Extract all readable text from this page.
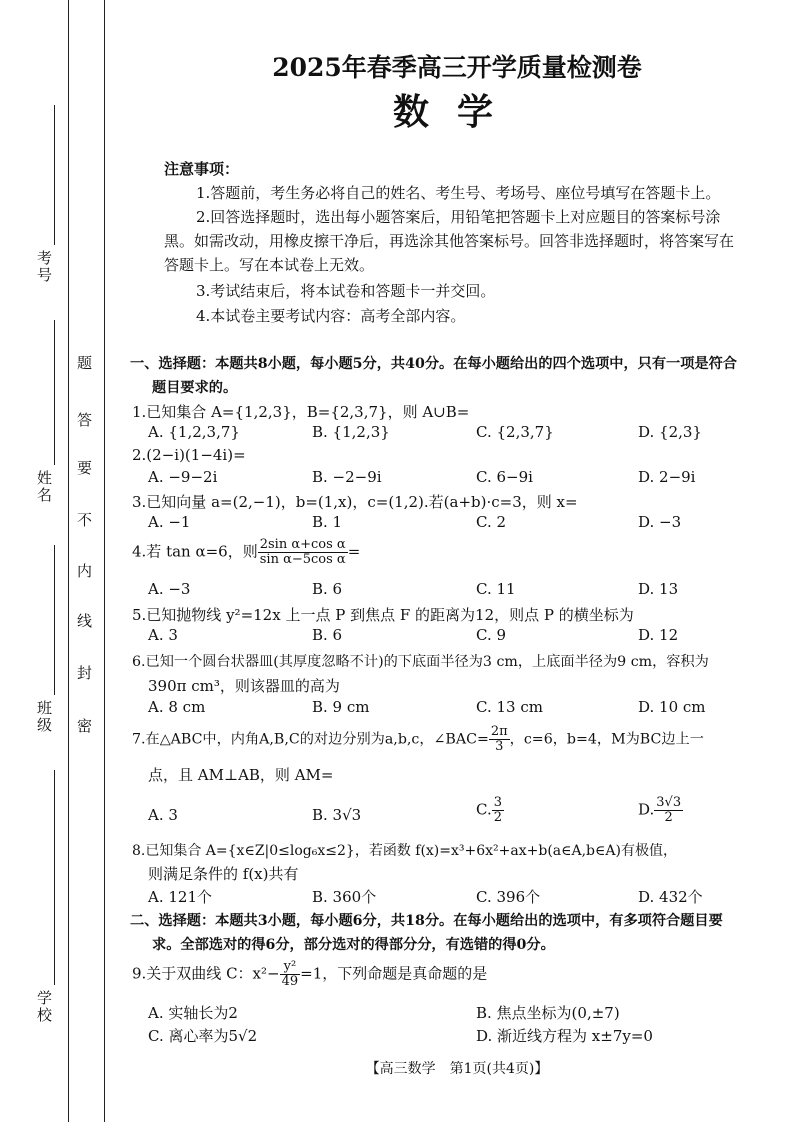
考号
姓名
班级
学校
题
答
要
不
内
线
封
密
2025年春季高三开学质量检测卷
数学
注意事项：
1.答题前，考生务必将自己的姓名、考生号、考场号、座位号填写在答题卡上。
2.回答选择题时，选出每小题答案后，用铅笔把答题卡上对应题目的答案标号涂
黑。如需改动，用橡皮擦干净后，再选涂其他答案标号。回答非选择题时，将答案写在
答题卡上。写在本试卷上无效。
3.考试结束后，将本试卷和答题卡一并交回。
4.本试卷主要考试内容：高考全部内容。
一、选择题：本题共8小题，每小题5分，共40分。在每小题给出的四个选项中，只有一项是符合
题目要求的。
1.已知集合 A={1,2,3}，B={2,3,7}，则 A∪B=
A. {1,2,3,7}	B. {1,2,3}	C. {2,3,7}	D. {2,3}
2.(2−i)(1−4i)=
A. −9−2i	B. −2−9i	C. 6−9i	D. 2−9i
3.已知向量 a=(2,−1)，b=(1,x)，c=(1,2).若(a+b)·c=3，则 x=
A. −1	B. 1	C. 2	D. −3
4.若 tan α=6，则 $\frac{\text{2sin α+cos α}}{\text{sin α−5cos α}}$ =
A. −3	B. 6	C. 11	D. 13
5.已知抛物线 y²=12x 上一点 P 到焦点 F 的距离为12，则点 P 的横坐标为
A. 3	B. 6	C. 9	D. 12
6.已知一个圆台状器皿(其厚度忽略不计)的下底面半径为3 cm，上底面半径为9 cm，容积为
390π cm³，则该器皿的高为
A. 8 cm	B. 9 cm	C. 13 cm	D. 10 cm
7.在△ABC中，内角A,B,C的对边分别为a,b,c，∠BAC= $\frac{2\pi}{3}$ ，c=6，b=4，M为BC边上一
点，且 AM⊥AB，则 AM=
A. 3	B. 3√3	C. $\frac{3}{2}$	D. $\frac{3√3}{2}$
8.已知集合 A={x∈Z|0≤log₆x≤2}，若函数 f(x)=x³+6x²+ax+b(a∈A,b∈A)有极值，
则满足条件的 f(x)共有
A. 121个	B. 360个	C. 396个	D. 432个
二、选择题：本题共3小题，每小题6分，共18分。在每小题给出的选项中，有多项符合题目要
求。全部选对的得6分，部分选对的得部分分，有选错的得0分。
9.关于双曲线 C：$x^2- \frac{\text{y²}}{49} =1$，下列命题是真命题的是
A. 实轴长为2	B. 焦点坐标为(0,±7)
C. 离心率为5√2	D. 渐近线方程为 x±7y=0
【高三数学　第1页(共4页)】
